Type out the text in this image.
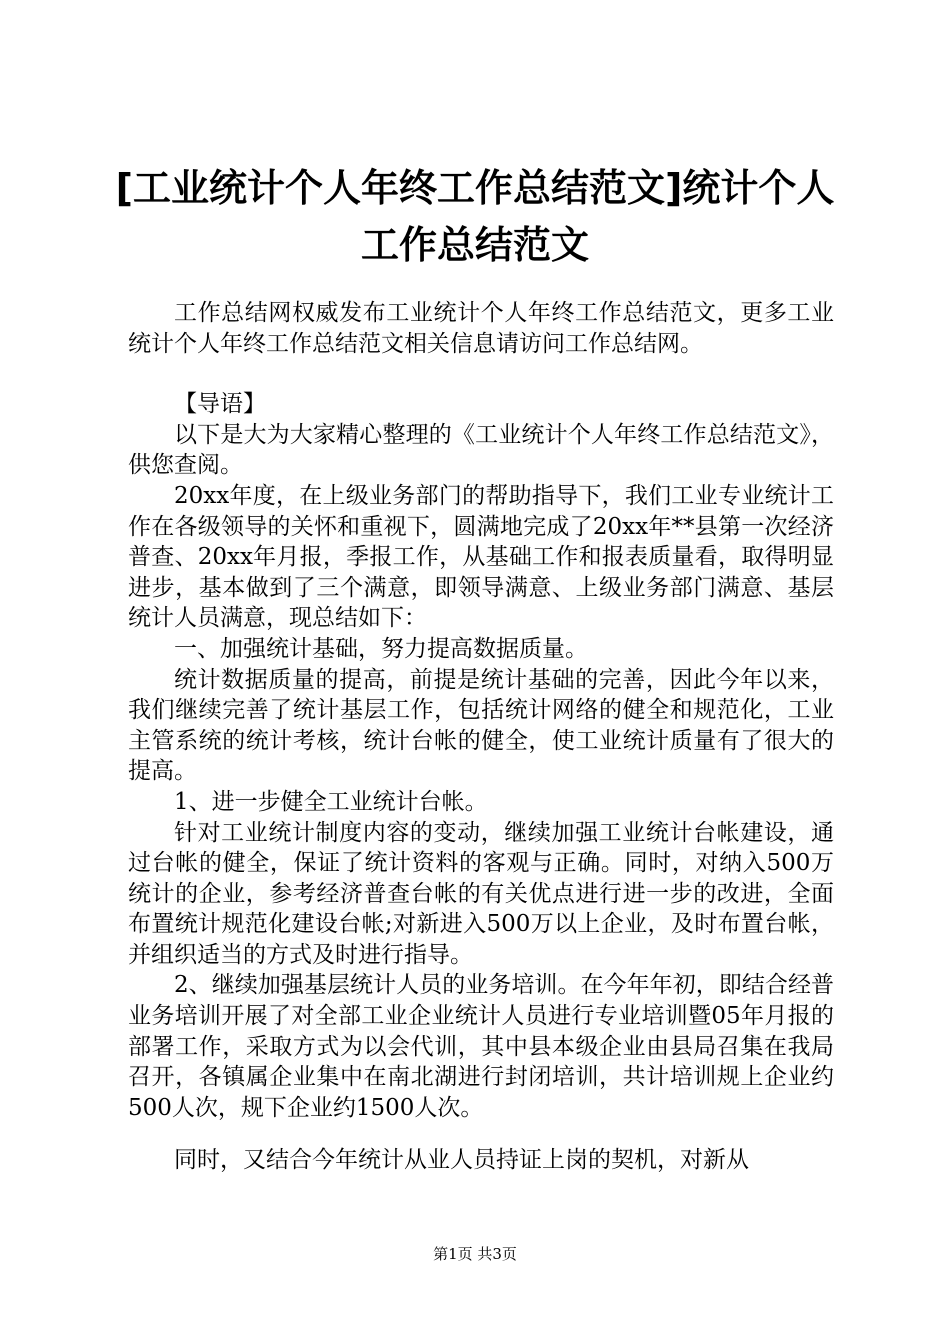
[工业统计个人年终工作总结范文]统计个人工作总结范文

工作总结网权威发布工业统计个人年终工作总结范文，更多工业统计个人年终工作总结范文相关信息请访问工作总结网。

【导语】

以下是大为大家精心整理的《工业统计个人年终工作总结范文》，供您查阅。

20xx年度，在上级业务部门的帮助指导下，我们工业专业统计工作在各级领导的关怀和重视下，圆满地完成了20xx年**县第一次经济普查、20xx年月报，季报工作，从基础工作和报表质量看，取得明显进步，基本做到了三个满意，即领导满意、上级业务部门满意、基层统计人员满意，现总结如下：

一、加强统计基础，努力提高数据质量。

统计数据质量的提高，前提是统计基础的完善，因此今年以来，我们继续完善了统计基层工作，包括统计网络的健全和规范化，工业主管系统的统计考核，统计台帐的健全，使工业统计质量有了很大的提高。

1、进一步健全工业统计台帐。

针对工业统计制度内容的变动，继续加强工业统计台帐建设，通过台帐的健全，保证了统计资料的客观与正确。同时，对纳入500万统计的企业，参考经济普查台帐的有关优点进行进一步的改进，全面布置统计规范化建设台帐;对新进入500万以上企业，及时布置台帐，并组织适当的方式及时进行指导。

2、继续加强基层统计人员的业务培训。在今年年初，即结合经普业务培训开展了对全部工业企业统计人员进行专业培训暨05年月报的部署工作，采取方式为以会代训，其中县本级企业由县局召集在我局召开，各镇属企业集中在南北湖进行封闭培训，共计培训规上企业约500人次，规下企业约1500人次。

同时，又结合今年统计从业人员持证上岗的契机，对新从

第1页 共3页
